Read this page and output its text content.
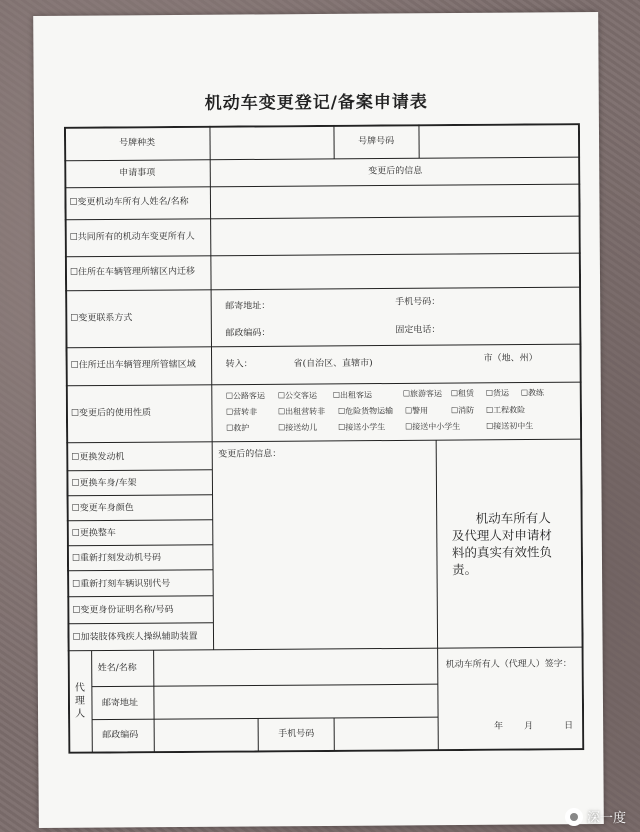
机动车变更登记/备案申请表
号牌种类	号牌号码
申请事项	变更后的信息
☐变更机动车所有人姓名/名称
☐共同所有的机动车变更所有人
☐住所在车辆管理所辖区内迁移
☐变更联系方式
邮寄地址：	手机号码：
邮政编码：	固定电话：
☐住所迁出车辆管理所管辖区域	转入：	省(自治区、直辖市)	市（地、州）
☐变更后的使用性质
☐公路客运 ☐公交客运 ☐出租客运	☐旅游客运 ☐租赁 ☐货运 ☐教练
☐营转非	☐出租营转非 ☐危险货物运输 ☐警用	☐消防 ☐工程救险
☐救护	☐接送幼儿	☐接送小学生 ☐接送中小学生	☐接送初中生
☐更换发动机
☐更换车身/车架
☐变更车身颜色
☐更换整车
☐重新打刻发动机号码
☐重新打刻车辆识别代号
☐变更身份证明名称/号码
☐加装肢体残疾人操纵辅助装置
变更后的信息：
机动车所有人
及代理人对申请材
料的真实有效性负
责。
代
理
人
姓名/名称
邮寄地址
邮政编码	手机号码
机动车所有人（代理人）签字：
年 月	日
深一度
